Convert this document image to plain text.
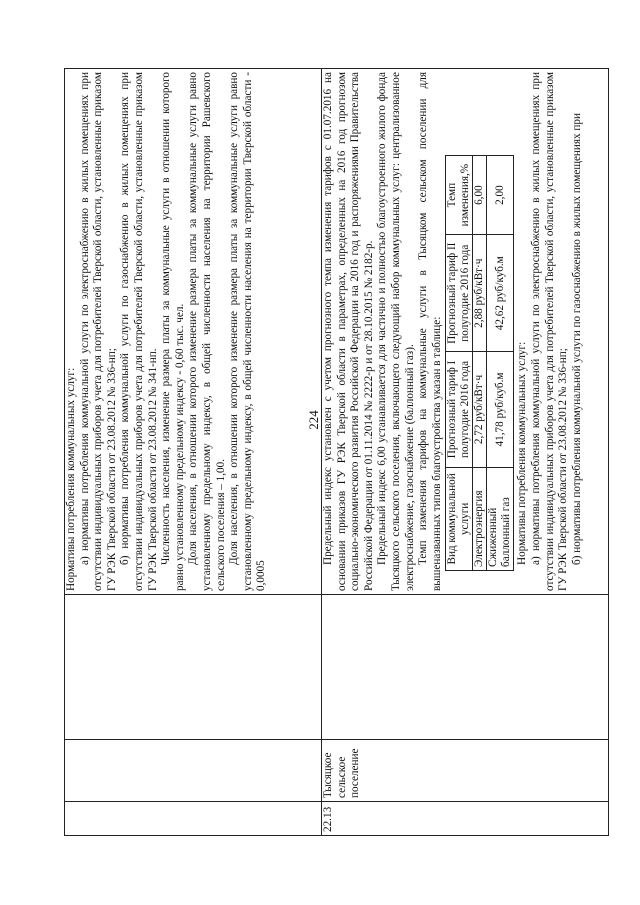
224

Нормативы потребления коммунальных услуг: а) нормативы потребления коммунальной услуги по электроснабжению в жилых помещениях при отсутствии индивидуальных приборов учета для потребителей Тверской области, установленные приказом ГУ РЭК Тверской области от 23.08.2012 № 336-нп; б) нормативы потребления коммунальной услуги по газоснабжению в жилых помещениях при отсутствии индивидуальных приборов учета для потребителей Тверской области, установленные приказом ГУ РЭК Тверской области от 23.08.2012 № 341-нп. Численность населения, изменение размера платы за коммунальные услуги в отношении которого равно установленному предельному индексу - 0,60 тыс. чел. Доля населения, в отношении которого изменение размера платы за коммунальные услуги равно установленному предельному индексу, в общей численности населения на территории Рашевского сельского поселения – 1,00. Доля населения, в отношении которого изменение размера платы за коммунальные услуги равно установленному предельному индексу, в общей численности населения на территории Тверской области - 0,0005

22.13	Тысяцкое сельское поселение		

Предельный индекс установлен с учетом прогнозного темпа изменения тарифов с 01.07.2016 на основании приказов ГУ РЭК Тверской области в параметрах, определенных на 2016 год прогнозом социально-экономического развития Российской Федерации на 2016 год и распоряжениями Правительства Российской Федерации от 01.11.2014 № 2222-р и от 28.10.2015 № 2182-р. Предельный индекс 6,00 устанавливается для частично и полностью благоустроенного жилого фонда Тысяцкого сельского поселения, включающего следующий набор коммунальных услуг: централизованное электроснабжение, газоснабжение (баллонный газ). Темп изменения тарифов на коммунальные услуги в Тысяцком сельском поселении для вышеназванных типов благоустройства указан в таблице: Вид коммунальной услуги	Прогнозный тариф I полугодие 2016 года	Прогнозный тариф II полугодие 2016 года	Темп изменения,%
Электроэнергия	2,72 руб/кВт·ч	2,88 руб/кВт·ч	6,00
Сжиженный баллонный газ	41,78 руб/куб.м	42,62 руб/куб.м	2,00

Нормативы потребления коммунальных услуг: а) нормативы потребления коммунальной услуги по электроснабжению в жилых помещениях при отсутствии индивидуальных приборов учета для потребителей Тверской области, установленные приказом ГУ РЭК Тверской области от 23.08.2012 № 336-нп; б) нормативы потребления коммунальной услуги по газоснабжению в жилых помещениях при
